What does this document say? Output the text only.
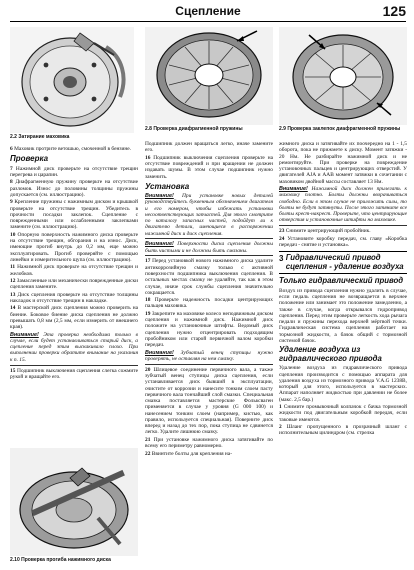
Сцепление	125
2.2 Затирание маховика
2.8 Проверка диафрагменной пружины	2.9 Проверка заклепок диафрагменной пружины
6 Маховик протрите ветошью, смоченной в бензине.
Проверка
7 Нажимной диск проверьте на отсутствие трещин перегрева и царапин.
8 Диафрагменную пружину проверьте на отсутствие разломов. Износ до половины толщины пружины допускается (см. иллюстрацию).
9 Крепление пружины с нажимным диском и крышкой проверьте на отсутствие трещин. Убедитесь в прочности посадки заклепок. Сцепление с поврежденными или ослабленными заклепками замените (см. иллюстрацию).
10 Опорную поверхность нажимного диска проверьте на отсутствие трещин, обгорания и на износ. Диск, имеющие прогиб внутрь до 0,2 мм, еще можно эксплуатировать. Прогиб проверяйте с помощью линейки и измерительного щупа (см. иллюстрацию).
11 Нажимной диск проверьте на отсутствие трещин и желобков.
12 Замасленные или механически поврежденные диски сцепления замените.
13 Диск сцепления проверьте на отсутствие толщины накладок и отсутствие трещин в накладке.
14 В мастерской диск сцепления можно проверить на биение. Боковое биение диска сцепления не должно превышать 0,8 мм (2,5 мм, если измерить от внешнего края).
Внимание! Эта проверка необходима только в случае, если будет устанавливаться старый диск, а сцепление перед этим выскакивало плохо. При выполнении проверки обратите внимание на указания к п. 15.
15 Подшипник выключения сцепления слегка сожмите рукой и вращайте его.
2.10 Проверка прогиба нажимного диска
Подшипник должен вращаться легко, иначе замените его.
16 Подшипник выключения сцепления проверьте на отсутствие повреждений и при вращении не должен издавать шумы. В этом случае подшипник нужно заменить.
Установка
Внимание! При установке новых деталей руководствуйтесь буквенным обозначением двигателя и его номером, чтобы избежать установки несоответствующих запчастей. Для этого смотрите по каталогу запасных частей, подойдут ли к двигателю детали, имеющиеся в распоряжении нажимной диск и диск сцепления.
Внимание! Поверхности диска сцепления должны быть чистыми и не должны быть смазаны.
17 Перед установкой нового нажимного диска удалите антикоррозийную смазку только с активной поверхности подшипника выключения сцепления. В остальных местах смазку не удаляйте, так как в этом случае, иначе срок службы сцепления значительно сокращается.
18 Проверьте надежность посадки центрирующих пальцев маховика.
19 Закрепите на маховике колесо неподвижным диском сцепления и нажимной диск. Нажимной диск положите на установочные штифты. Ведомый диск сцепления нужно отцентрировать подходящим пробойником или старой первичной валом коробки передач.
Внимание! Зубчатый венец ступицы нужно проверять, не оставляя на нем смазку.
20 Шлицевое соединение первичного вала, а также зубчатый венец ступицы диска сцепления, если устанавливается диск бывший в эксплуатации, очистите от коррозии и нанесите тонким слоем пасту первичного вала тончайший слой смазки. Специальная смазка поставляется мастерские Фольксваген применяется в случае у уровня (G 000 100) и нанесением тонким слоем (например, кистью, как правило, используется специальная). Поверните диск вперед и назад до тех пор, пока ступица не сдвинется легко. Удалите лишнюю смазку.
21 При установке нажимного диска затягивайте по всему его периметру равномерно.
22 Ввинтите болты для крепления на-
жимного диска и затягивайте их поочередно на 1 - 1,5 оборота, пока не прижмете к диску. Момент затяжки - 20 Нм. Не разбирайте нажимной диск и не ремонтируйте. При проверке на повреждение установочных пальцев и центрирующих отверстий. У двигателей AJA и AAB момент затяжки в сочетании с маховиком двойной массы составляет 13 Нм.
Внимание! Нажимной диск должен прилегать к маховику плотно. Болты должны вворачиваться свободно. Если в этом случае не приложить силы, то болты не будут затянуты. После этого затяните все болты крест-накрест. Проверьте, что центрирующие отверстия и установочные штифты на маховике.
23 Снимите центрирующий пробойник.
24 Установите коробку передач, см. главу «Коробка передач - снятие и установка».
3 Гидравлический привод сцепления - удаление воздуха
Только гидравлический привод
Воздух из привода сцепления нужно удалить в случае, если педаль сцепления не возвращается в верхнее положение или занимает это положение замедленно, а также в случае, когда открывался гидропривод сцепления. Перед этим проверьте легкость хода рычага педали и пружины перехода верхней мёртвой точки. Гидравлическая система сцепления работает на тормозной жидкости, а бачок общий с тормозной системой бачок.
Удаление воздуха из гидравлического привода
Удаление воздуха из гидравлического привода сцепления производится с помощью аппарата для удаления воздуха из тормозного привода V.A.G 1238B, который для этого, используется в мастерских. Аппарат наполняет жидкостью при давлении не более (макс. 2,5 бар.)
1 Снимите промывочный колпачок с бачка тормозной жидкости под двигательным коробкой передач, если таковые имеются.
2 Шланг пропущенного в прозрачный шланг с исполнительным цилиндром (см. стрелка
